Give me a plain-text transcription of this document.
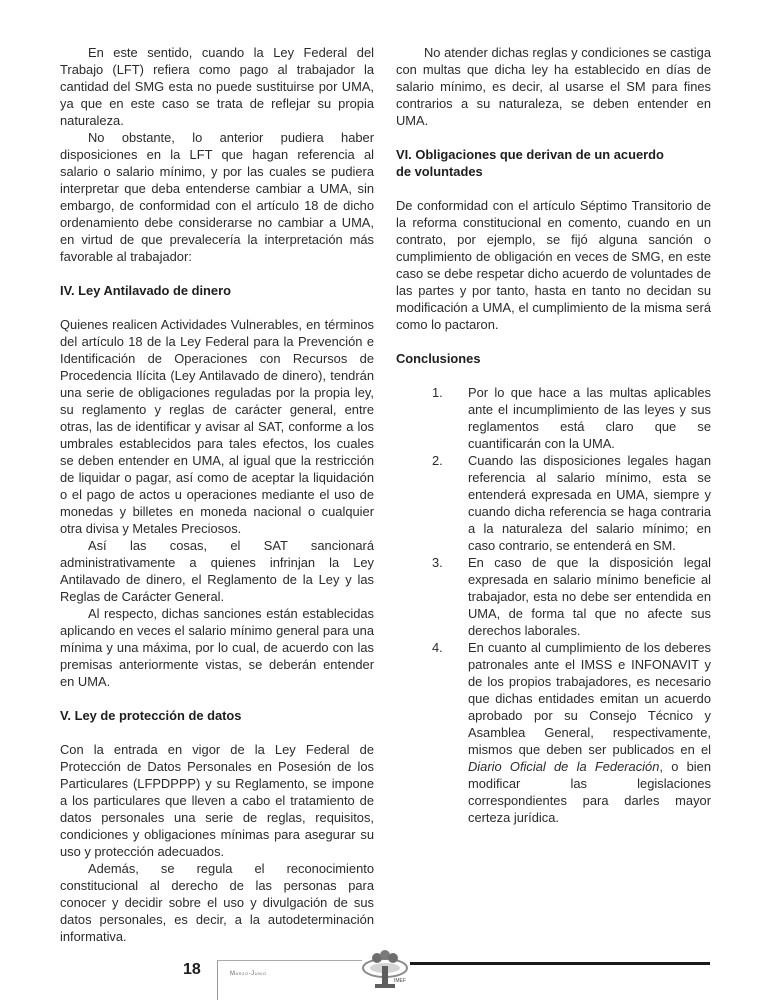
En este sentido, cuando la Ley Federal del Trabajo (LFT) refiera como pago al trabajador la cantidad del SMG esta no puede sustituirse por UMA, ya que en este caso se trata de reflejar su propia naturaleza.

No obstante, lo anterior pudiera haber disposiciones en la LFT que hagan referencia al salario o salario mínimo, y por las cuales se pudiera interpretar que deba entenderse cambiar a UMA, sin embargo, de conformidad con el artículo 18 de dicho ordenamiento debe considerarse no cambiar a UMA, en virtud de que prevalecería la interpretación más favorable al trabajador:

IV. Ley Antilavado de dinero

Quienes realicen Actividades Vulnerables, en términos del artículo 18 de la Ley Federal para la Prevención e Identificación de Operaciones con Recursos de Procedencia Ilícita (Ley Antilavado de dinero), tendrán una serie de obligaciones reguladas por la propia ley, su reglamento y reglas de carácter general, entre otras, las de identificar y avisar al SAT, conforme a los umbrales establecidos para tales efectos, los cuales se deben entender en UMA, al igual que la restricción de liquidar o pagar, así como de aceptar la liquidación o el pago de actos u operaciones mediante el uso de monedas y billetes en moneda nacional o cualquier otra divisa y Metales Preciosos.

Así las cosas, el SAT sancionará administrativamente a quienes infrinjan la Ley Antilavado de dinero, el Reglamento de la Ley y las Reglas de Carácter General.

Al respecto, dichas sanciones están establecidas aplicando en veces el salario mínimo general para una mínima y una máxima, por lo cual, de acuerdo con las premisas anteriormente vistas, se deberán entender en UMA.

V. Ley de protección de datos

Con la entrada en vigor de la Ley Federal de Protección de Datos Personales en Posesión de los Particulares (LFPDPPP) y su Reglamento, se impone a los particulares que lleven a cabo el tratamiento de datos personales una serie de reglas, requisitos, condiciones y obligaciones mínimas para asegurar su uso y protección adecuados.

Además, se regula el reconocimiento constitucional al derecho de las personas para conocer y decidir sobre el uso y divulgación de sus datos personales, es decir, a la autodeterminación informativa.

No atender dichas reglas y condiciones se castiga con multas que dicha ley ha establecido en días de salario mínimo, es decir, al usarse el SM para fines contrarios a su naturaleza, se deben entender en UMA.

VI. Obligaciones que derivan de un acuerdo
de voluntades

De conformidad con el artículo Séptimo Transitorio de la reforma constitucional en comento, cuando en un contrato, por ejemplo, se fijó alguna sanción o cumplimiento de obligación en veces de SMG, en este caso se debe respetar dicho acuerdo de voluntades de las partes y por tanto, hasta en tanto no decidan su modificación a UMA, el cumplimiento de la misma será como lo pactaron.

Conclusiones
1. Por lo que hace a las multas aplicables ante el incumplimiento de las leyes y sus reglamentos está claro que se cuantificarán con la UMA.
2. Cuando las disposiciones legales hagan referencia al salario mínimo, esta se entenderá expresada en UMA, siempre y cuando dicha referencia se haga contraria a la naturaleza del salario mínimo; en caso contrario, se entenderá en SM.
3. En caso de que la disposición legal expresada en salario mínimo beneficie al trabajador, esta no debe ser entendida en UMA, de forma tal que no afecte sus derechos laborales.
4. En cuanto al cumplimiento de los deberes patronales ante el IMSS e INFONAVIT y de los propios trabajadores, es necesario que dichas entidades emitan un acuerdo aprobado por su Consejo Técnico y Asamblea General, respectivamente, mismos que deben ser publicados en el Diario Oficial de la Federación, o bien modificar las legislaciones correspondientes para darles mayor certeza jurídica.
18	Marzo-Junio
IMEF
